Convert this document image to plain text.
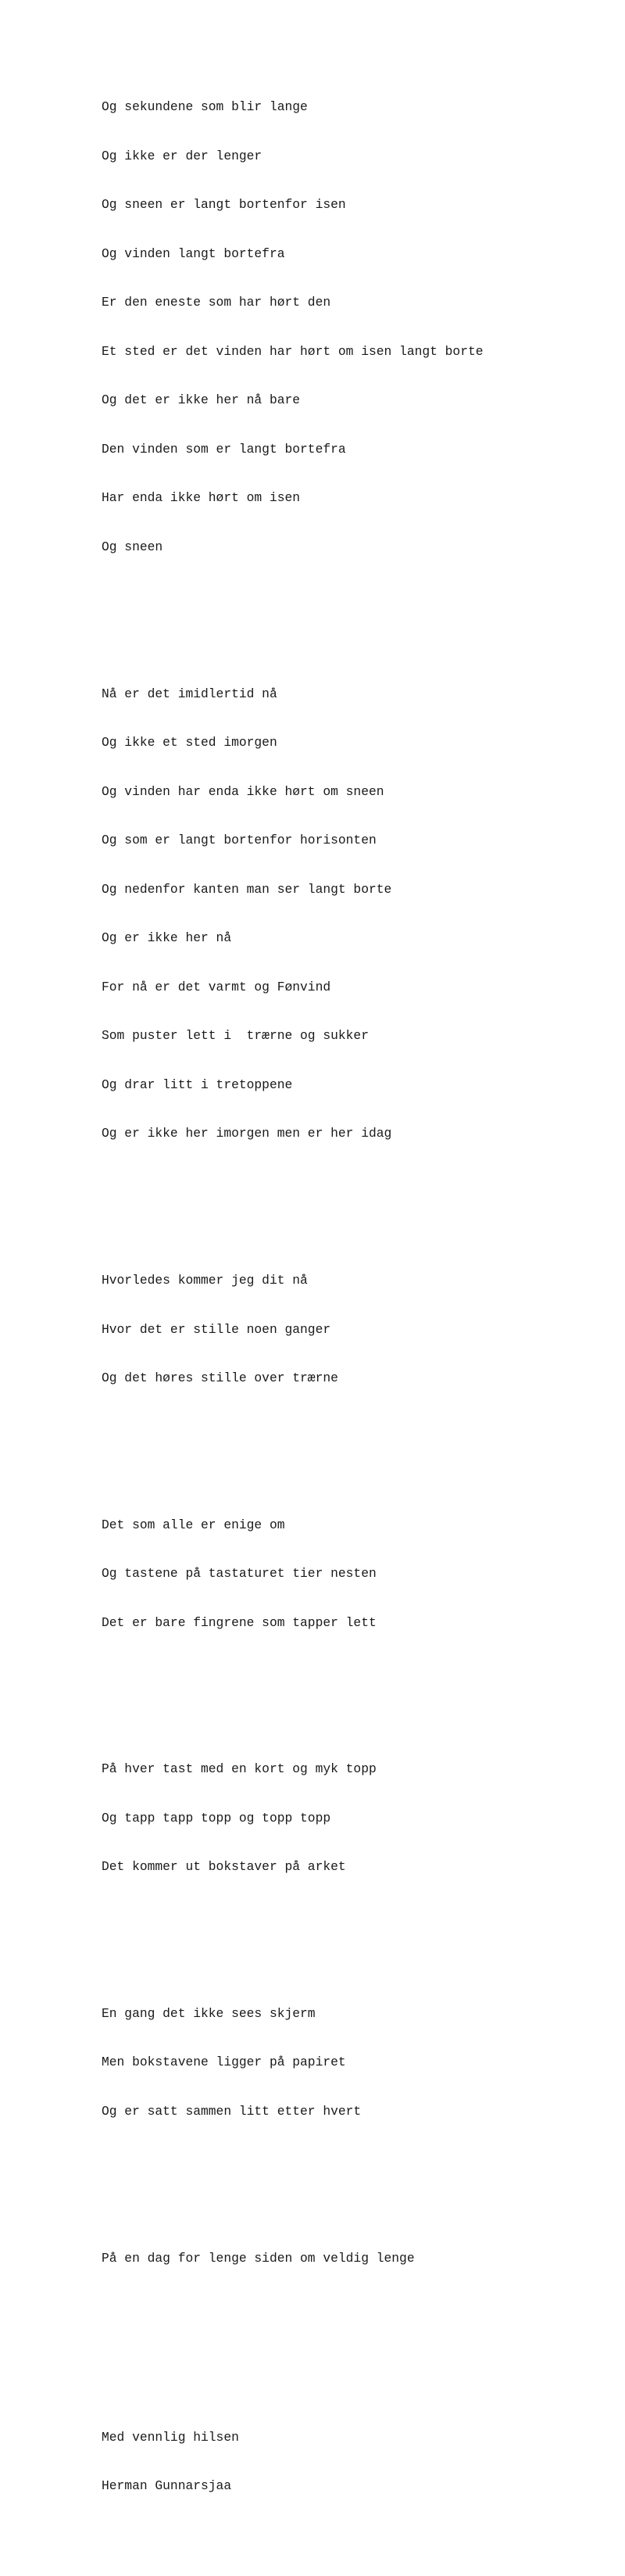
Og sekundene som blir lange

Og ikke er der lenger

Og sneen er langt bortenfor isen

Og vinden langt bortefra

Er den eneste som har hørt den

Et sted er det vinden har hørt om isen langt borte

Og det er ikke her nå bare

Den vinden som er langt bortefra

Har enda ikke hørt om isen

Og sneen

Nå er det imidlertid nå

Og ikke et sted imorgen

Og vinden har enda ikke hørt om sneen

Og som er langt bortenfor horisonten

Og nedenfor kanten man ser langt borte

Og er ikke her nå

For nå er det varmt og Fønvind

Som puster lett i  trærne og sukker

Og drar litt i tretoppene

Og er ikke her imorgen men er her idag

Hvorledes kommer jeg dit nå

Hvor det er stille noen ganger

Og det høres stille over trærne

Det som alle er enige om

Og tastene på tastaturet tier nesten

Det er bare fingrene som tapper lett

På hver tast med en kort og myk topp

Og tapp tapp topp og topp topp

Det kommer ut bokstaver på arket

En gang det ikke sees skjerm

Men bokstavene ligger på papiret

Og er satt sammen litt etter hvert

På en dag for lenge siden om veldig lenge

Med vennlig hilsen

Herman Gunnarsjaa
